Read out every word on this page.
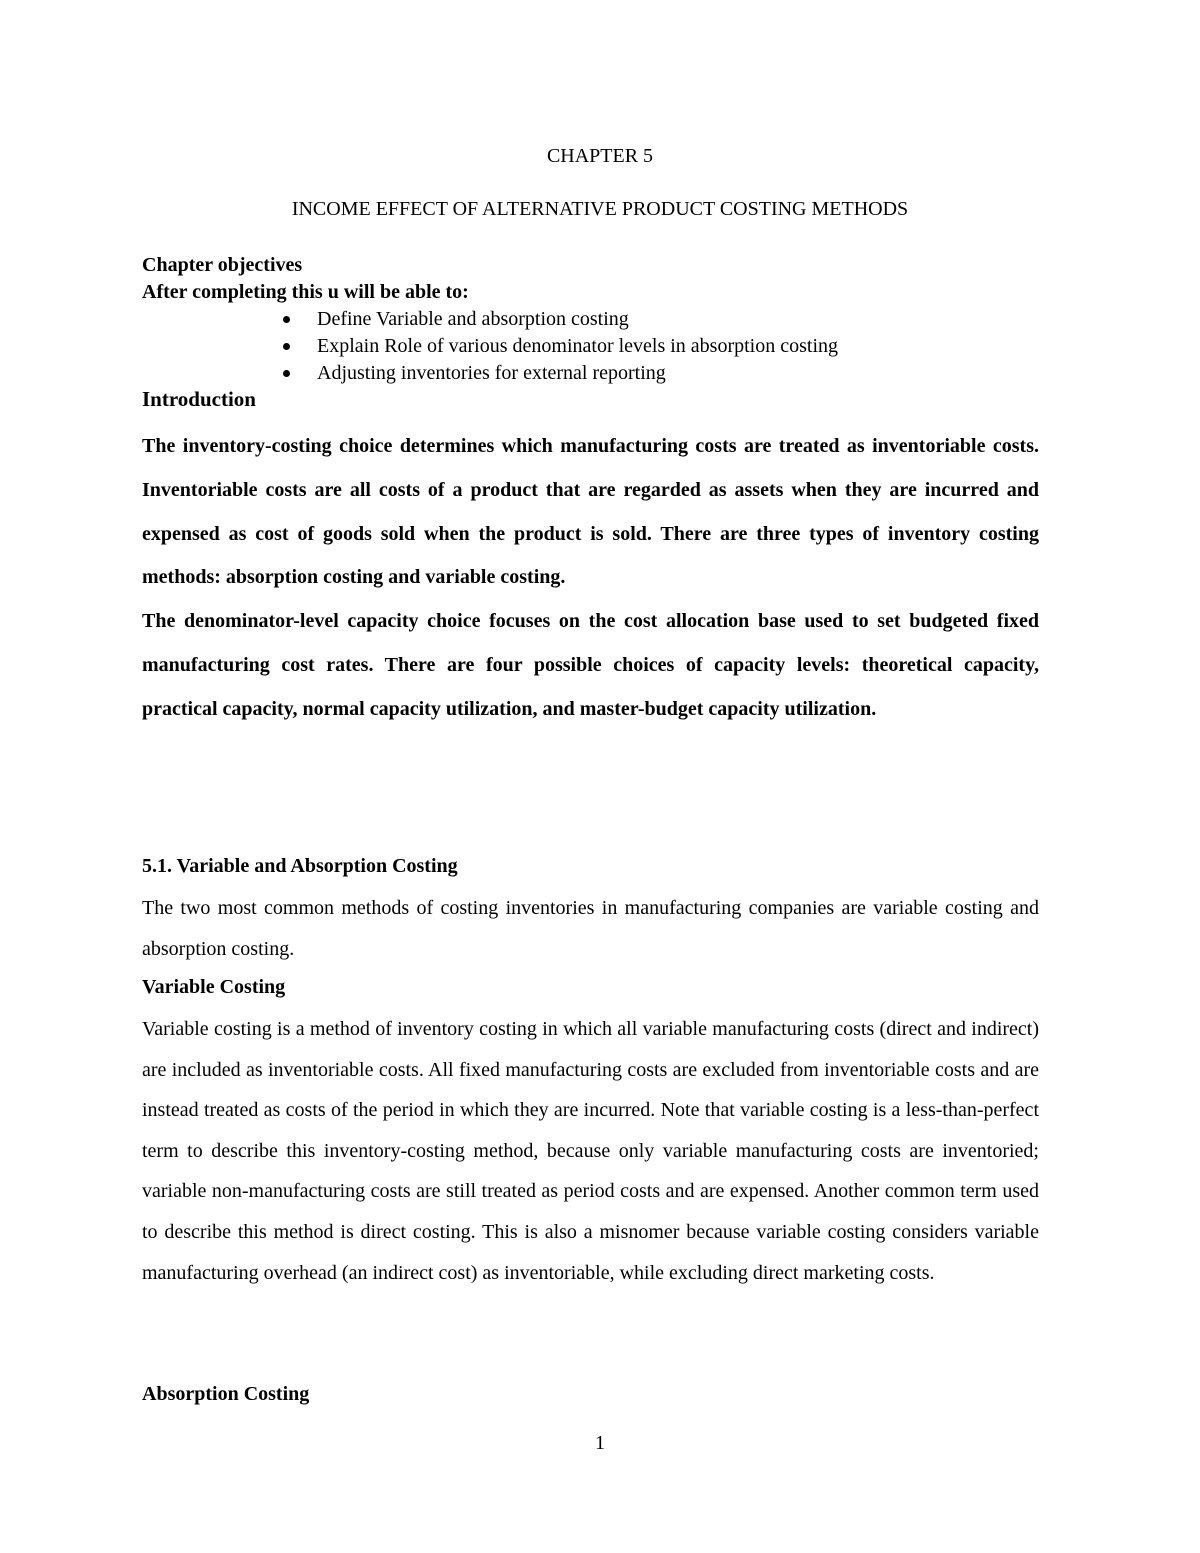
CHAPTER 5
INCOME EFFECT OF ALTERNATIVE PRODUCT COSTING METHODS
Chapter objectives
After completing this u will be able to:
Define Variable and absorption costing
Explain Role of various denominator levels in absorption costing
Adjusting inventories for external reporting
Introduction

The inventory-costing choice determines which manufacturing costs are treated as inventoriable costs. Inventoriable costs are all costs of a product that are regarded as assets when they are incurred and expensed as cost of goods sold when the product is sold. There are three types of inventory costing methods: absorption costing and variable costing.

The denominator-level capacity choice focuses on the cost allocation base used to set budgeted fixed manufacturing cost rates. There are four possible choices of capacity levels: theoretical capacity, practical capacity, normal capacity utilization, and master-budget capacity utilization.

5.1. Variable and Absorption Costing

The two most common methods of costing inventories in manufacturing companies are variable costing and absorption costing.

Variable Costing

Variable costing is a method of inventory costing in which all variable manufacturing costs (direct and indirect) are included as inventoriable costs. All fixed manufacturing costs are excluded from inventoriable costs and are instead treated as costs of the period in which they are incurred. Note that variable costing is a less-than-perfect term to describe this inventory-costing method, because only variable manufacturing costs are inventoried; variable non-manufacturing costs are still treated as period costs and are expensed. Another common term used to describe this method is direct costing. This is also a misnomer because variable costing considers variable manufacturing overhead (an indirect cost) as inventoriable, while excluding direct marketing costs.

Absorption Costing
1
